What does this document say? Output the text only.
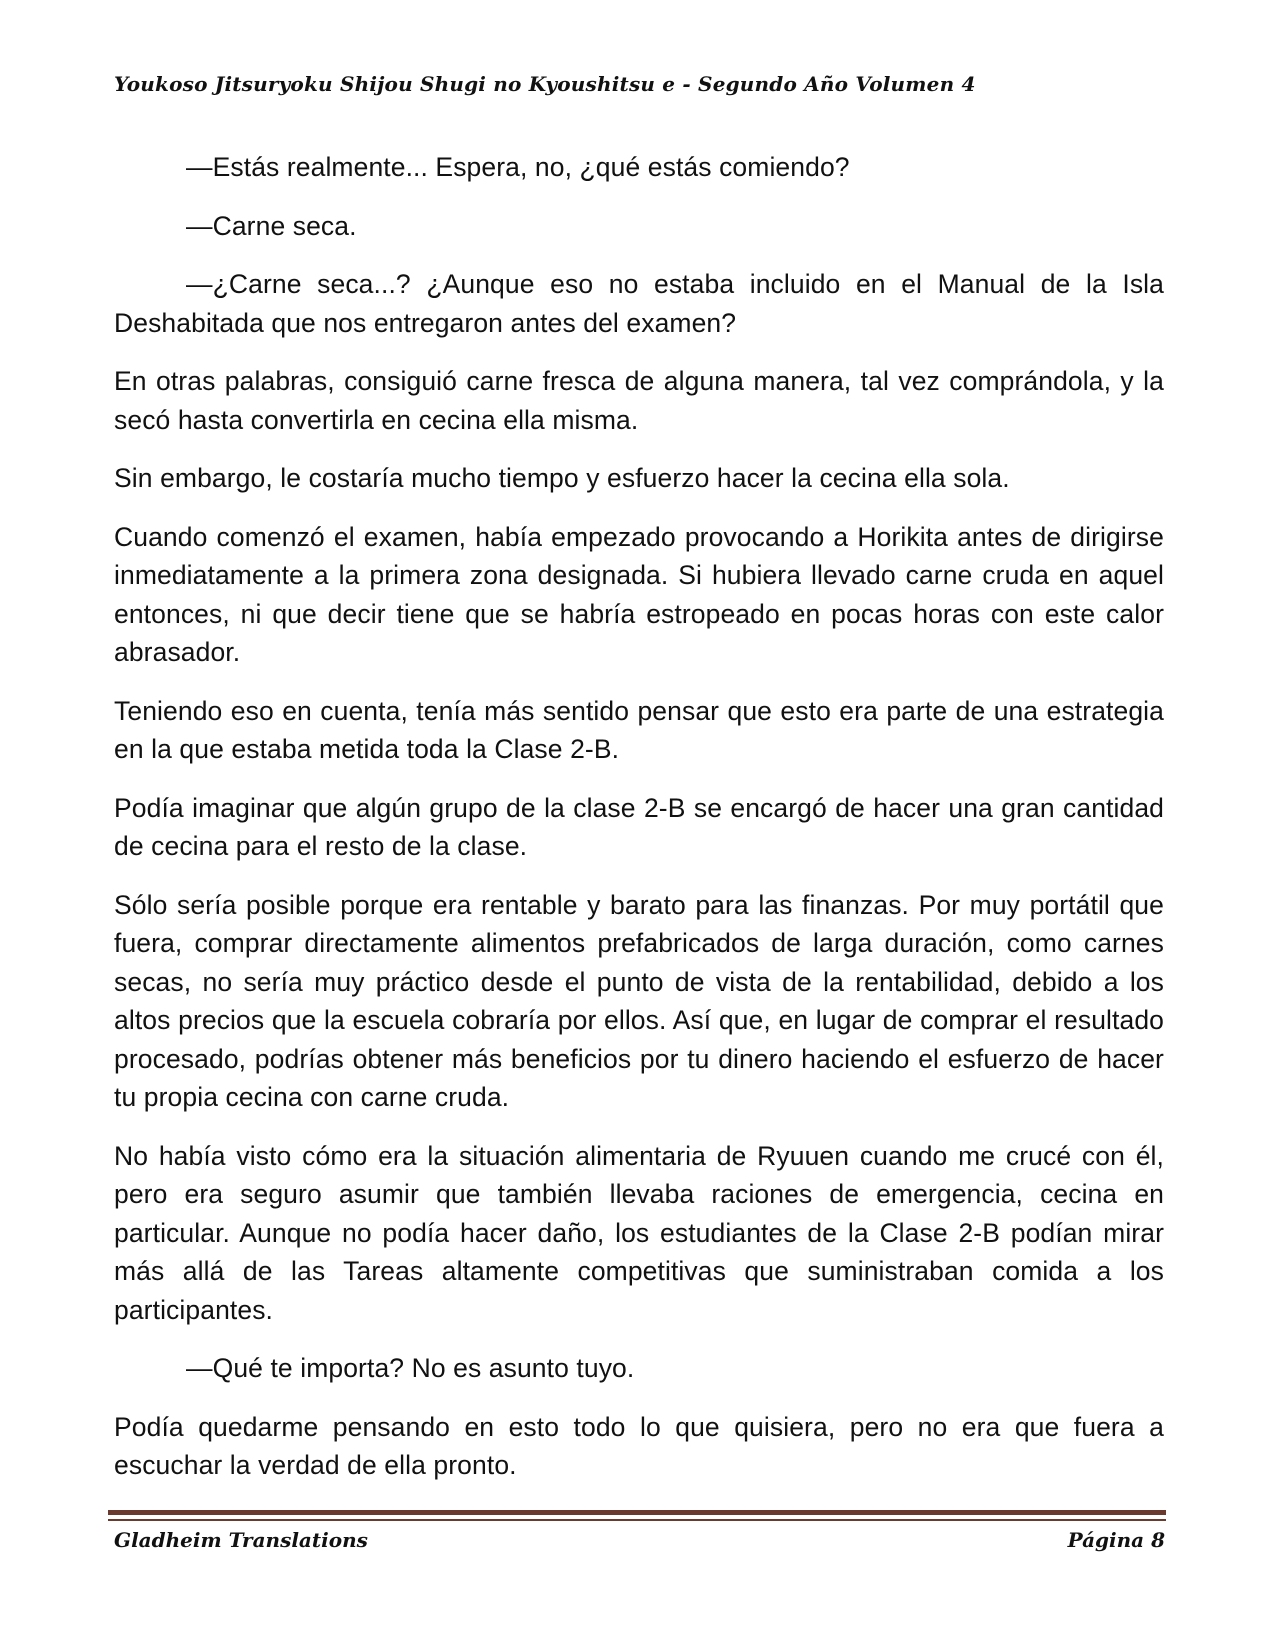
Youkoso Jitsuryoku Shijou Shugi no Kyoushitsu e - Segundo Año Volumen 4

—Estás realmente... Espera, no, ¿qué estás comiendo?

—Carne seca.

—¿Carne seca...? ¿Aunque eso no estaba incluido en el Manual de la Isla Deshabitada que nos entregaron antes del examen?

En otras palabras, consiguió carne fresca de alguna manera, tal vez comprándola, y la secó hasta convertirla en cecina ella misma.

Sin embargo, le costaría mucho tiempo y esfuerzo hacer la cecina ella sola.

Cuando comenzó el examen, había empezado provocando a Horikita antes de dirigirse inmediatamente a la primera zona designada. Si hubiera llevado carne cruda en aquel entonces, ni que decir tiene que se habría estropeado en pocas horas con este calor abrasador.

Teniendo eso en cuenta, tenía más sentido pensar que esto era parte de una estrategia en la que estaba metida toda la Clase 2-B.

Podía imaginar que algún grupo de la clase 2-B se encargó de hacer una gran cantidad de cecina para el resto de la clase.

Sólo sería posible porque era rentable y barato para las finanzas. Por muy portátil que fuera, comprar directamente alimentos prefabricados de larga duración, como carnes secas, no sería muy práctico desde el punto de vista de la rentabilidad, debido a los altos precios que la escuela cobraría por ellos. Así que, en lugar de comprar el resultado procesado, podrías obtener más beneficios por tu dinero haciendo el esfuerzo de hacer tu propia cecina con carne cruda.

No había visto cómo era la situación alimentaria de Ryuuen cuando me crucé con él, pero era seguro asumir que también llevaba raciones de emergencia, cecina en particular. Aunque no podía hacer daño, los estudiantes de la Clase 2-B podían mirar más allá de las Tareas altamente competitivas que suministraban comida a los participantes.

—Qué te importa? No es asunto tuyo.

Podía quedarme pensando en esto todo lo que quisiera, pero no era que fuera a escuchar la verdad de ella pronto.

Gladheim Translations	Página 8
